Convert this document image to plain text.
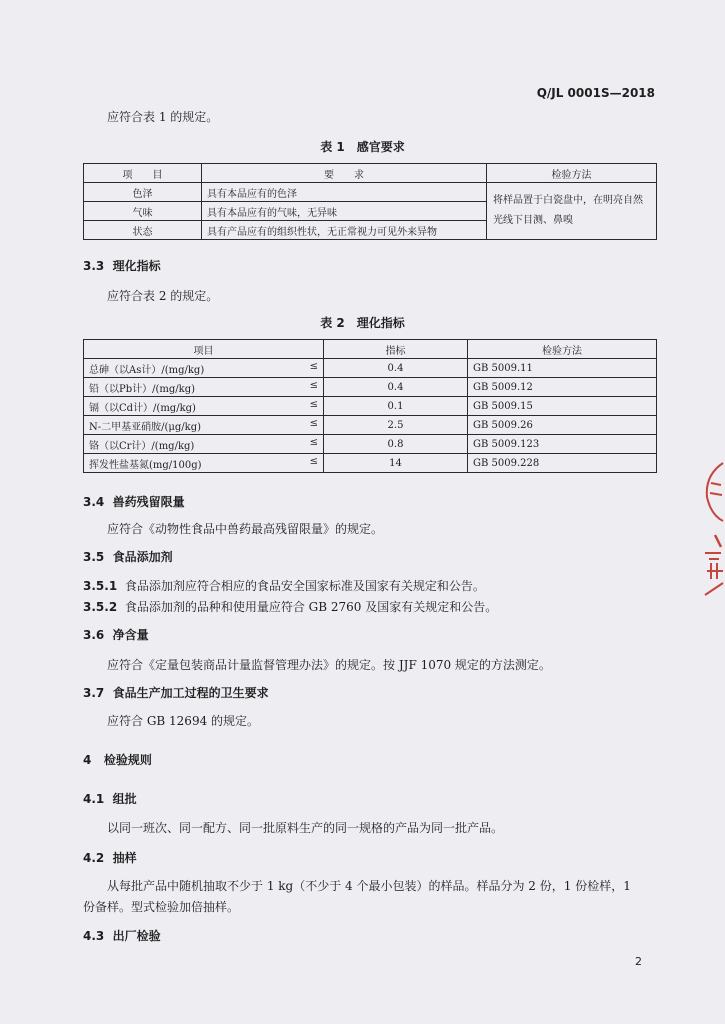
Q/JL 0001S—2018
应符合表 1 的规定。
表 1　感官要求
项　　目	要　　求	检验方法
色泽	具有本品应有的色泽	将样品置于白瓷盘中，在明亮自然光线下目测、鼻嗅
气味	具有本品应有的气味，无异味	
状态	具有产品应有的组织性状，无正常视力可见外来异物	
3.3 理化指标
应符合表 2 的规定。
表 2　理化指标
项目	指标	检验方法
总砷（以As计）/(mg/kg) ≤	0.4	GB 5009.11
铅（以Pb计）/(mg/kg) ≤	0.4	GB 5009.12
镉（以Cd计）/(mg/kg) ≤	0.1	GB 5009.15
N-二甲基亚硝胺/(μg/kg) ≤	2.5	GB 5009.26
铬（以Cr计）/(mg/kg) ≤	0.8	GB 5009.123
挥发性盐基氮(mg/100g) ≤	14	GB 5009.228
3.4 兽药残留限量
应符合《动物性食品中兽药最高残留限量》的规定。
3.5 食品添加剂
3.5.1 食品添加剂应符合相应的食品安全国家标准及国家有关规定和公告。
3.5.2 食品添加剂的品种和使用量应符合 GB 2760 及国家有关规定和公告。
3.6 净含量
应符合《定量包装商品计量监督管理办法》的规定。按 JJF 1070 规定的方法测定。
3.7 食品生产加工过程的卫生要求
应符合 GB 12694 的规定。
4 检验规则
4.1 组批
以同一班次、同一配方、同一批原料生产的同一规格的产品为同一批产品。
4.2 抽样
从每批产品中随机抽取不少于 1 kg（不少于 4 个最小包装）的样品。样品分为 2 份，1 份检样，1
份备样。型式检验加倍抽样。
4.3 出厂检验
2
